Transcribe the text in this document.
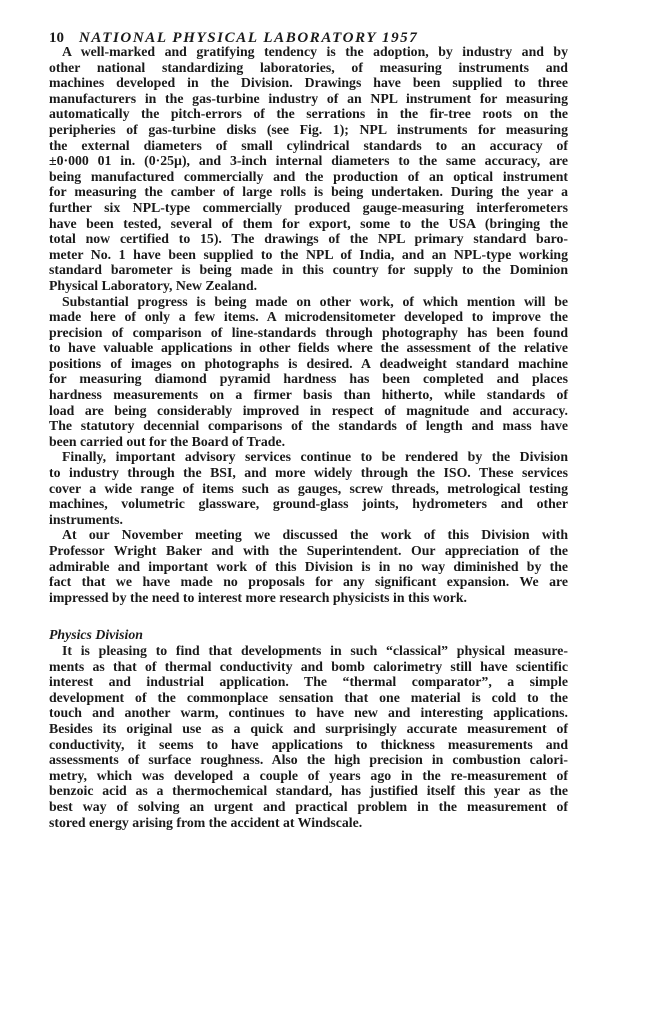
10 NATIONAL PHYSICAL LABORATORY 1957
A well-marked and gratifying tendency is the adoption, by industry and by
other national standardizing laboratories, of measuring instruments and
machines developed in the Division. Drawings have been supplied to three
manufacturers in the gas-turbine industry of an NPL instrument for measuring
automatically the pitch-errors of the serrations in the fir-tree roots on the
peripheries of gas-turbine disks (see Fig. 1); NPL instruments for measuring
the external diameters of small cylindrical standards to an accuracy of
±0·000 01 in. (0·25µ), and 3-inch internal diameters to the same accuracy, are
being manufactured commercially and the production of an optical instrument
for measuring the camber of large rolls is being undertaken. During the year a
further six NPL-type commercially produced gauge-measuring interferometers
have been tested, several of them for export, some to the USA (bringing the
total now certified to 15). The drawings of the NPL primary standard baro-
meter No. 1 have been supplied to the NPL of India, and an NPL-type working
standard barometer is being made in this country for supply to the Dominion
Physical Laboratory, New Zealand.
Substantial progress is being made on other work, of which mention will be
made here of only a few items. A microdensitometer developed to improve the
precision of comparison of line-standards through photography has been found
to have valuable applications in other fields where the assessment of the relative
positions of images on photographs is desired. A deadweight standard machine
for measuring diamond pyramid hardness has been completed and places
hardness measurements on a firmer basis than hitherto, while standards of
load are being considerably improved in respect of magnitude and accuracy.
The statutory decennial comparisons of the standards of length and mass have
been carried out for the Board of Trade.
Finally, important advisory services continue to be rendered by the Division
to industry through the BSI, and more widely through the ISO. These services
cover a wide range of items such as gauges, screw threads, metrological testing
machines, volumetric glassware, ground-glass joints, hydrometers and other
instruments.
At our November meeting we discussed the work of this Division with
Professor Wright Baker and with the Superintendent. Our appreciation of the
admirable and important work of this Division is in no way diminished by the
fact that we have made no proposals for any significant expansion. We are
impressed by the need to interest more research physicists in this work.
Physics Division
It is pleasing to find that developments in such “classical” physical measure-
ments as that of thermal conductivity and bomb calorimetry still have scientific
interest and industrial application. The “thermal comparator”, a simple
development of the commonplace sensation that one material is cold to the
touch and another warm, continues to have new and interesting applications.
Besides its original use as a quick and surprisingly accurate measurement of
conductivity, it seems to have applications to thickness measurements and
assessments of surface roughness. Also the high precision in combustion calori-
metry, which was developed a couple of years ago in the re-measurement of
benzoic acid as a thermochemical standard, has justified itself this year as the
best way of solving an urgent and practical problem in the measurement of
stored energy arising from the accident at Windscale.
